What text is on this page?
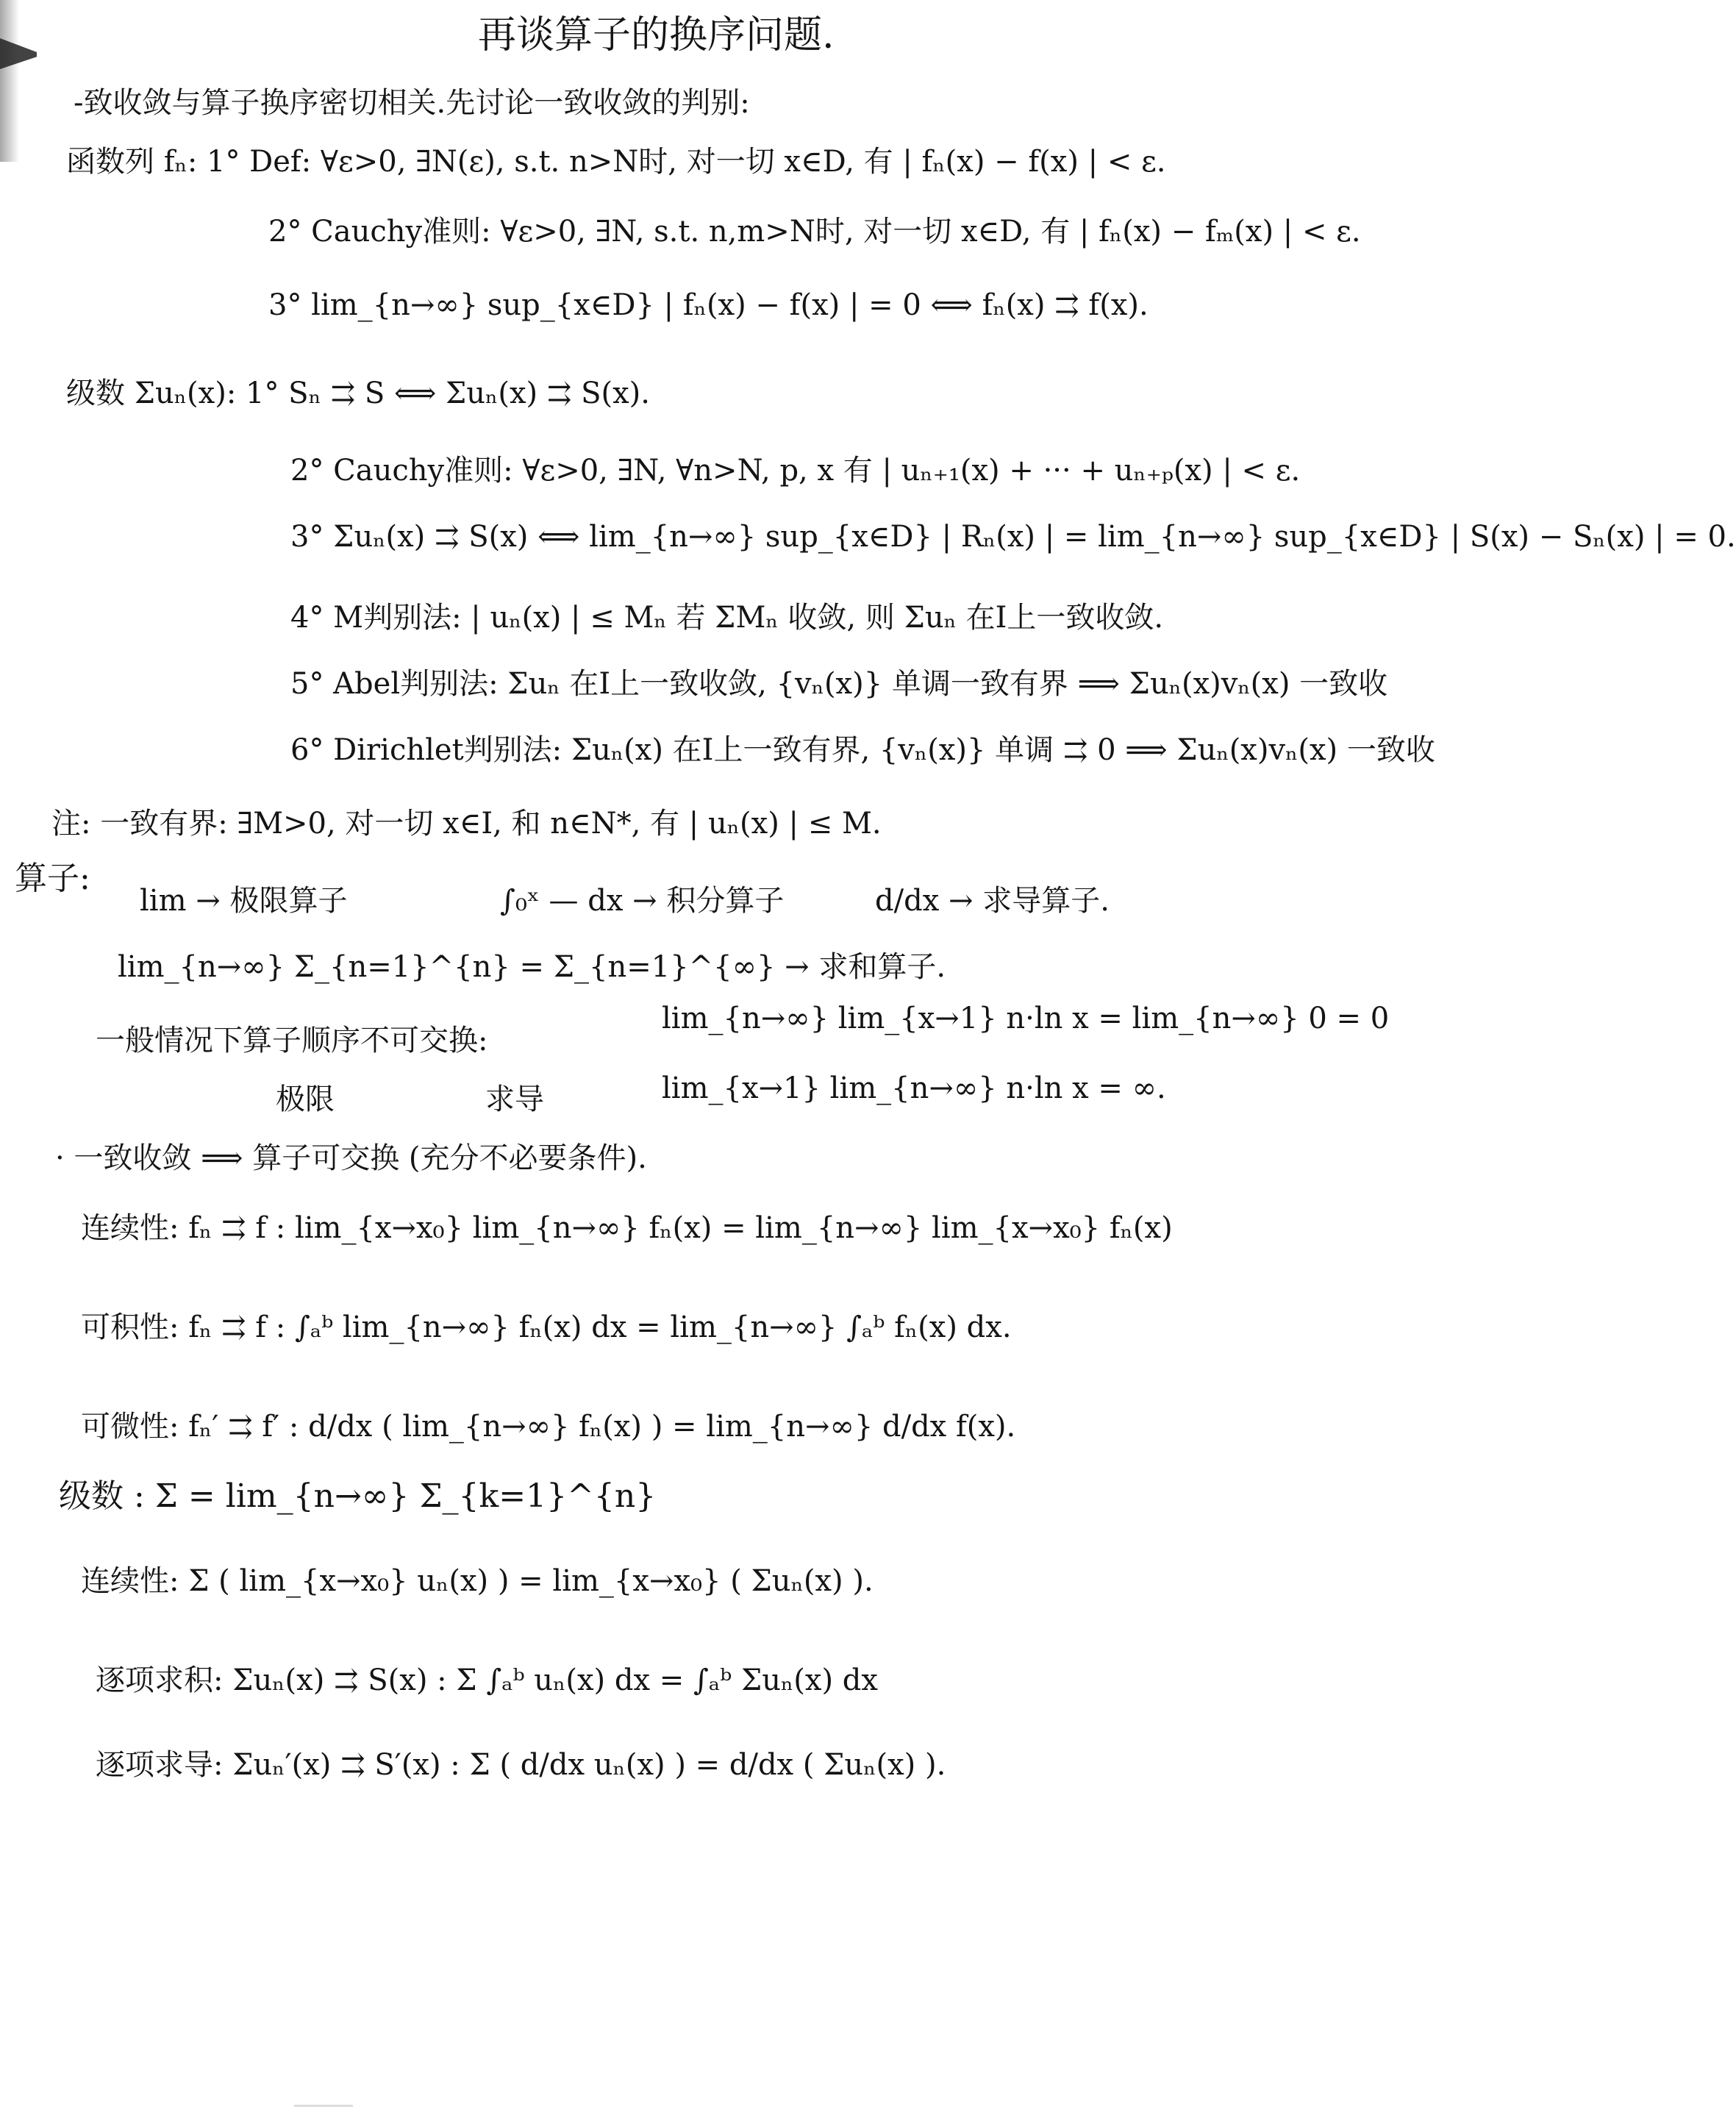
再谈算子的换序问题.
-致收敛与算子换序密切相关.先讨论一致收敛的判别:
函数列 fₙ: 1° Def: ∀ε>0, ∃N(ε), s.t. n>N时, 对一切 x∈D, 有 | fₙ(x) − f(x) | < ε.
2° Cauchy准则: ∀ε>0, ∃N, s.t. n,m>N时, 对一切 x∈D, 有 | fₙ(x) − fₘ(x) | < ε.
3° lim_{n→∞} sup_{x∈D} | fₙ(x) − f(x) | = 0 ⟺ fₙ(x) ⇉ f(x).
级数 Σuₙ(x): 1° Sₙ ⇉ S ⟺ Σuₙ(x) ⇉ S(x).
2° Cauchy准则: ∀ε>0, ∃N, ∀n>N, p, x 有 | uₙ₊₁(x) + ··· + uₙ₊ₚ(x) | < ε.
3° Σuₙ(x) ⇉ S(x) ⟺ lim_{n→∞} sup_{x∈D} | Rₙ(x) | = lim_{n→∞} sup_{x∈D} | S(x) − Sₙ(x) | = 0.
4° M判别法: | uₙ(x) | ≤ Mₙ 若 ΣMₙ 收敛, 则 Σuₙ 在I上一致收敛.
5° Abel判别法: Σuₙ 在I上一致收敛, {vₙ(x)} 单调一致有界 ⟹ Σuₙ(x)vₙ(x) 一致收
6° Dirichlet判别法: Σuₙ(x) 在I上一致有界, {vₙ(x)} 单调 ⇉ 0 ⟹ Σuₙ(x)vₙ(x) 一致收
注: 一致有界: ∃M>0, 对一切 x∈I, 和 n∈N*, 有 | uₙ(x) | ≤ M.
算子:
lim → 极限算子	∫₀ˣ — dx → 积分算子	d/dx → 求导算子.
lim_{n→∞} Σ_{n=1}^{n} = Σ_{n=1}^{∞} → 求和算子.
一般情况下算子顺序不可交换:
lim_{n→∞} lim_{x→1} n·ln x = lim_{n→∞} 0 = 0
lim_{x→1} lim_{n→∞} n·ln x = ∞.
极限	求导
· 一致收敛 ⟹ 算子可交换 (充分不必要条件).
连续性: fₙ ⇉ f : lim_{x→x₀} lim_{n→∞} fₙ(x) = lim_{n→∞} lim_{x→x₀} fₙ(x)
可积性: fₙ ⇉ f : ∫ₐᵇ lim_{n→∞} fₙ(x) dx = lim_{n→∞} ∫ₐᵇ fₙ(x) dx.
可微性: fₙ′ ⇉ f′ : d/dx ( lim_{n→∞} fₙ(x) ) = lim_{n→∞} d/dx f(x).
级数 : Σ = lim_{n→∞} Σ_{k=1}^{n}
连续性: Σ ( lim_{x→x₀} uₙ(x) ) = lim_{x→x₀} ( Σuₙ(x) ).
逐项求积: Σuₙ(x) ⇉ S(x) : Σ ∫ₐᵇ uₙ(x) dx = ∫ₐᵇ Σuₙ(x) dx
逐项求导: Σuₙ′(x) ⇉ S′(x) : Σ ( d/dx uₙ(x) ) = d/dx ( Σuₙ(x) ).
